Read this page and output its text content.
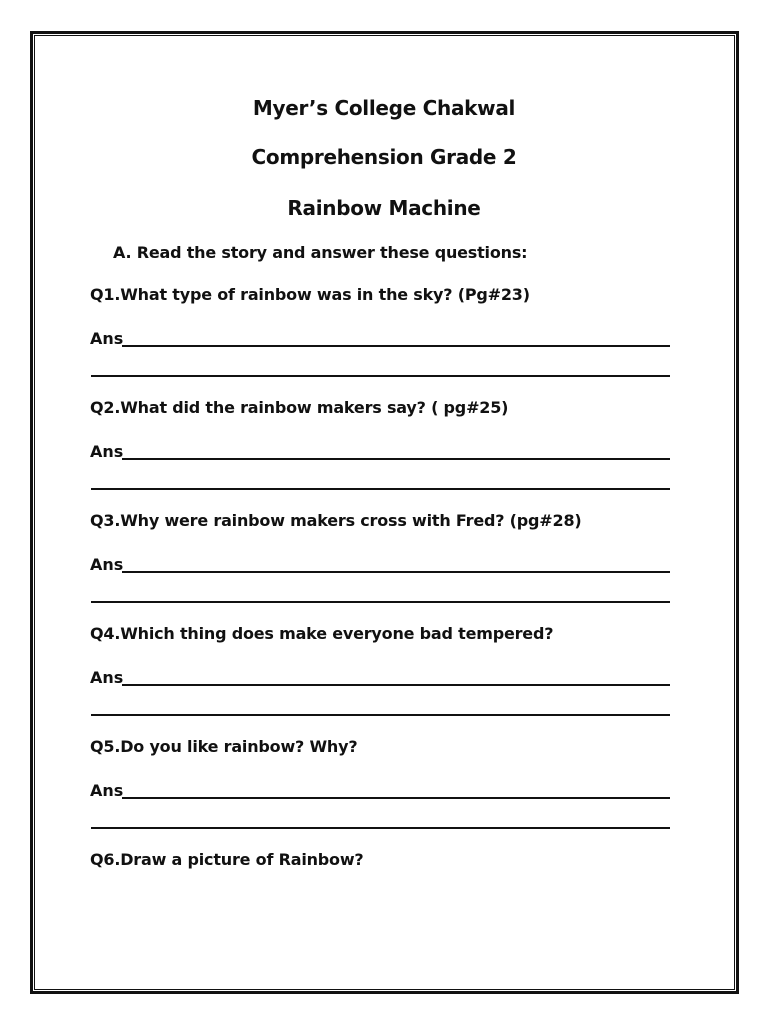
Myer’s College Chakwal
Comprehension Grade 2
Rainbow Machine
A. Read the story and answer these questions:
Q1.What type of rainbow was in the sky? (Pg#23)
Ans
Q2.What did the rainbow makers say? ( pg#25)
Ans
Q3.Why were rainbow makers cross with Fred? (pg#28)
Ans
Q4.Which thing does make everyone bad tempered?
Ans
Q5.Do you like rainbow? Why?
Ans
Q6.Draw a picture of Rainbow?
